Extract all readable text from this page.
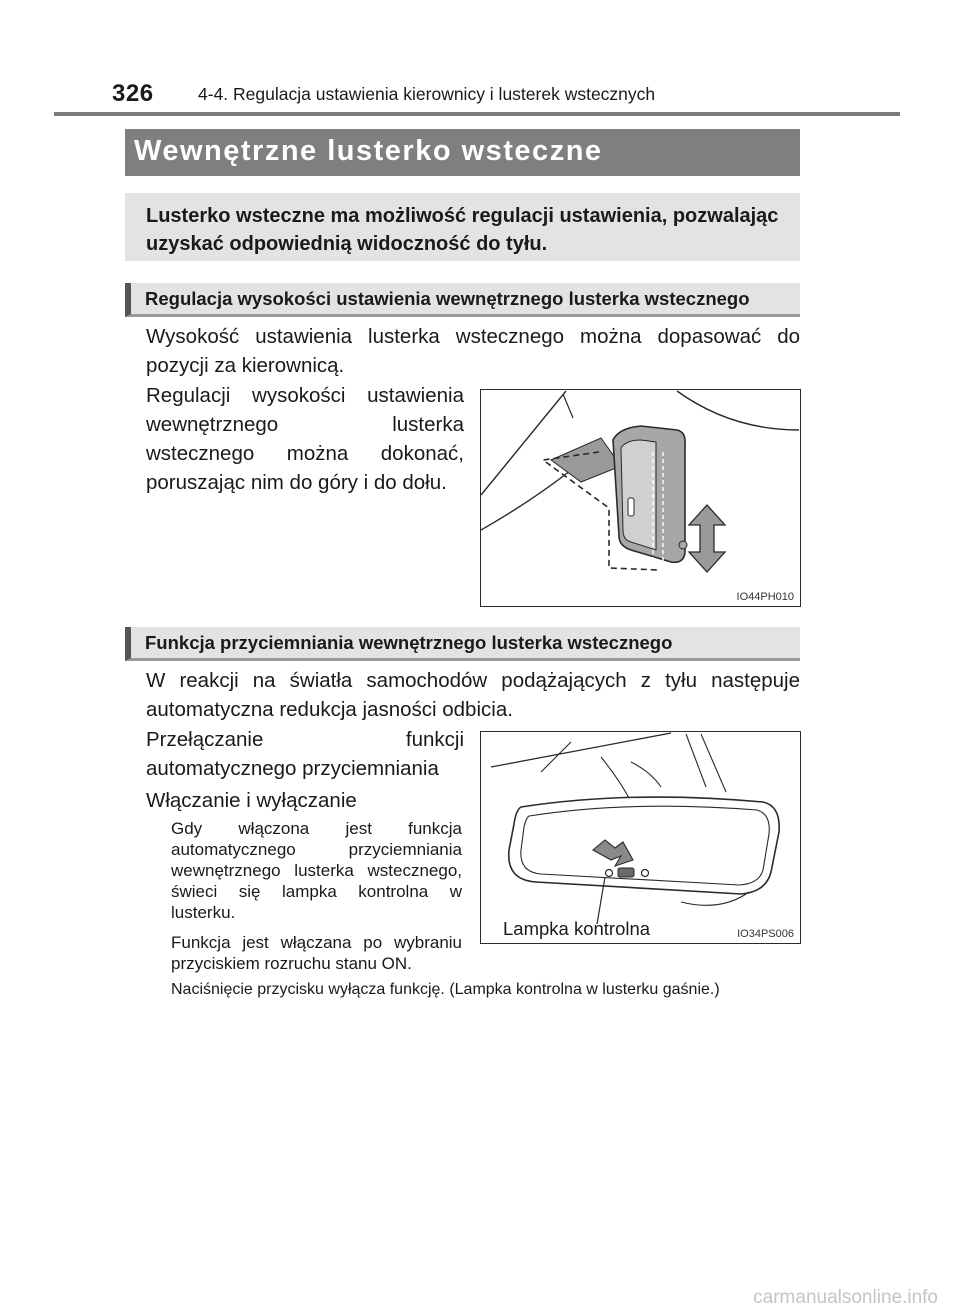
326	4-4. Regulacja ustawienia kierownicy i lusterek wstecznych
Wewnętrzne lusterko wsteczne
Lusterko wsteczne ma możliwość regulacji ustawienia, pozwalając uzyskać odpowiednią widoczność do tyłu.
Regulacja wysokości ustawienia wewnętrznego lusterka wstecznego
Wysokość ustawienia lusterka wstecznego można dopasować do pozycji za kierownicą.
Regulacji wysokości ustawienia wewnętrznego lusterka wstecznego można dokonać, poruszając nim do góry i do dołu.
IO44PH010
Funkcja przyciemniania wewnętrznego lusterka wstecznego
W reakcji na światła samochodów podążających z tyłu następuje automatyczna redukcja jasności odbicia.
Przełączanie funkcji automatycznego przyciemniania
Włączanie i wyłączanie
Gdy włączona jest funkcja automatycznego przyciemniania wewnętrznego lusterka wstecznego, świeci się lampka kontrolna w lusterku.
Funkcja jest włączana po wybraniu przyciskiem rozruchu stanu ON.
Naciśnięcie przycisku wyłącza funkcję. (Lampka kontrolna w lusterku gaśnie.)
Lampka kontrolna	IO34PS006
carmanualsonline.info
